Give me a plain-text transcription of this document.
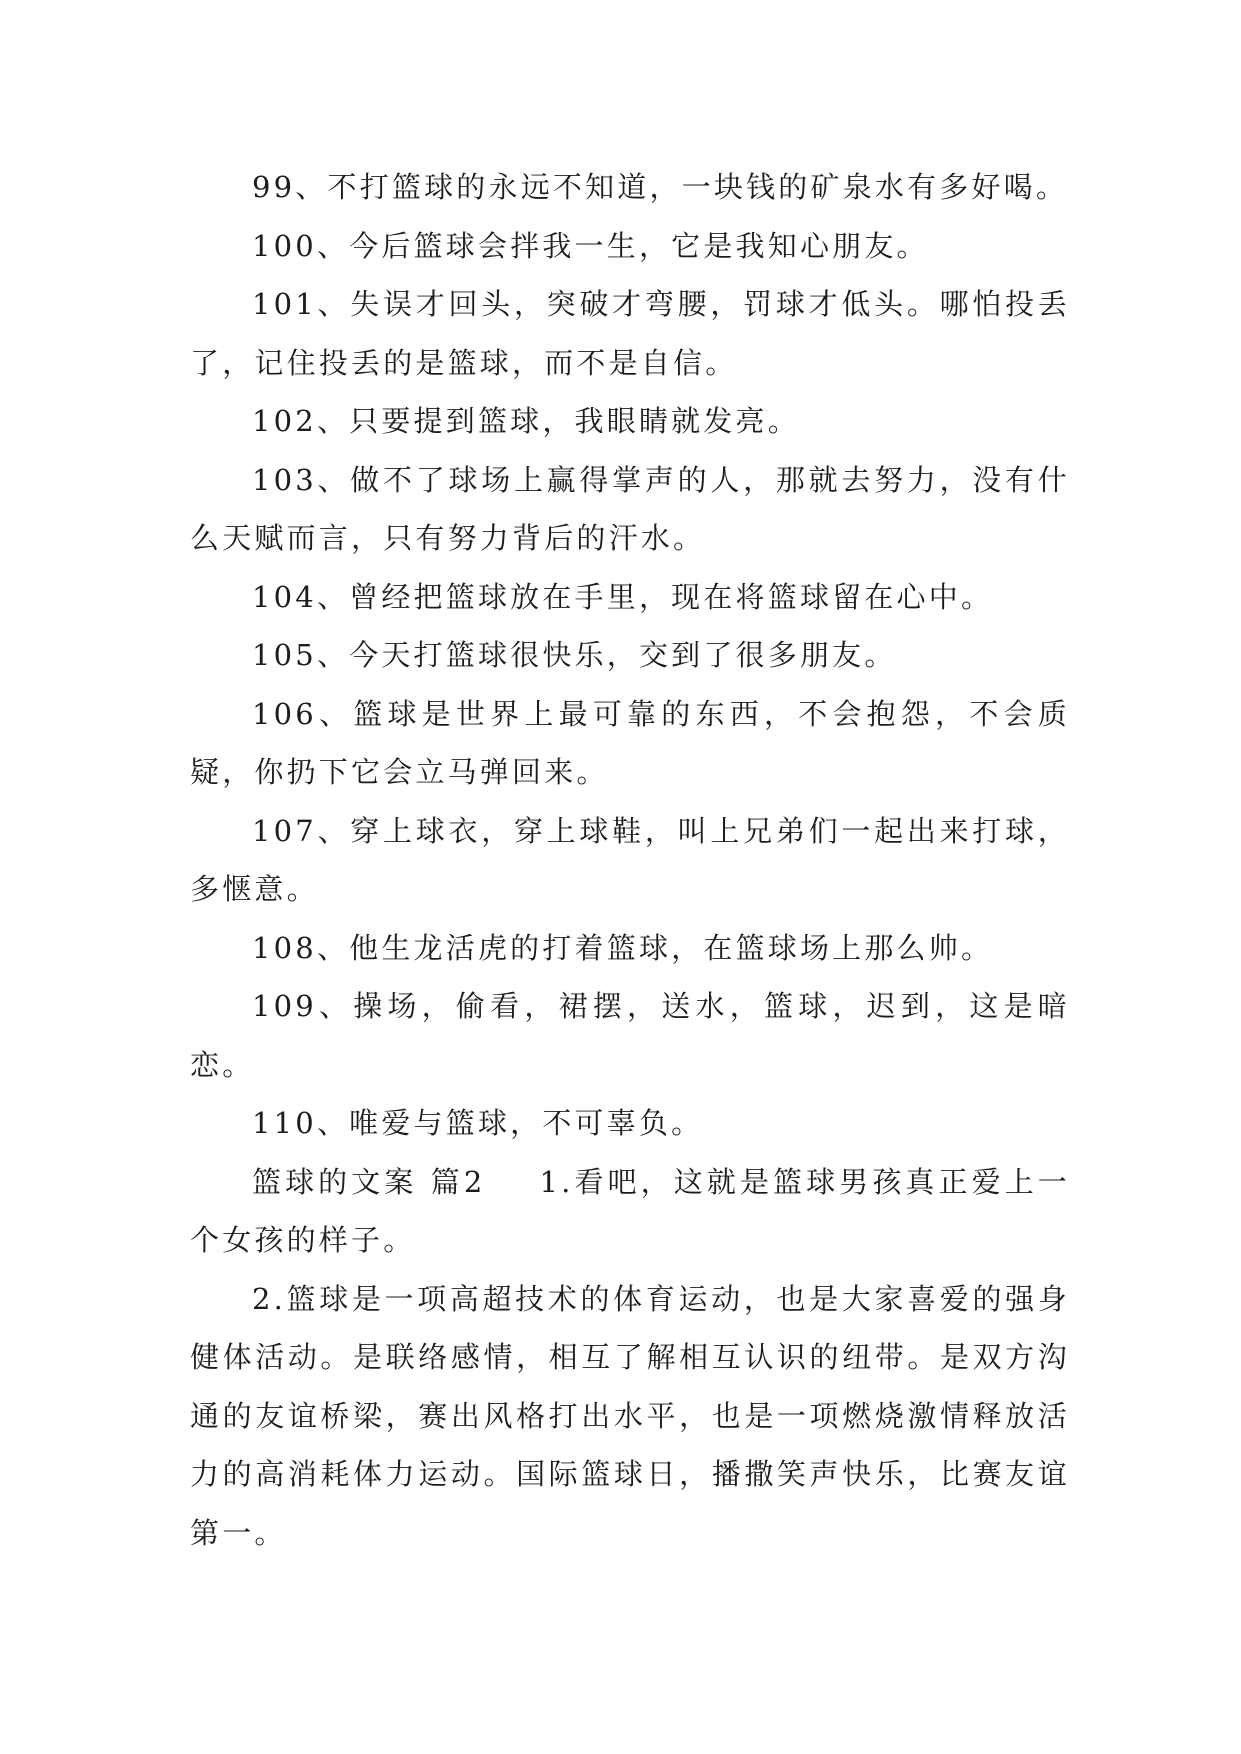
99、不打篮球的永远不知道，一块钱的矿泉水有多好喝。

100、今后篮球会拌我一生，它是我知心朋友。

101、失误才回头，突破才弯腰，罚球才低头。哪怕投丢了，记住投丢的是篮球，而不是自信。

102、只要提到篮球，我眼睛就发亮。

103、做不了球场上赢得掌声的人，那就去努力，没有什么天赋而言，只有努力背后的汗水。

104、曾经把篮球放在手里，现在将篮球留在心中。

105、今天打篮球很快乐，交到了很多朋友。

106、篮球是世界上最可靠的东西，不会抱怨，不会质疑，你扔下它会立马弹回来。

107、穿上球衣，穿上球鞋，叫上兄弟们一起出来打球，多惬意。

108、他生龙活虎的打着篮球，在篮球场上那么帅。

109、操场，偷看，裙摆，送水，篮球，迟到，这是暗恋。

110、唯爱与篮球，不可辜负。

篮球的文案 篇2 1.看吧，这就是篮球男孩真正爱上一个女孩的样子。

2.篮球是一项高超技术的体育运动，也是大家喜爱的强身健体活动。是联络感情，相互了解相互认识的纽带。是双方沟通的友谊桥梁，赛出风格打出水平，也是一项燃烧激情释放活力的高消耗体力运动。国际篮球日，播撒笑声快乐，比赛友谊第一。
